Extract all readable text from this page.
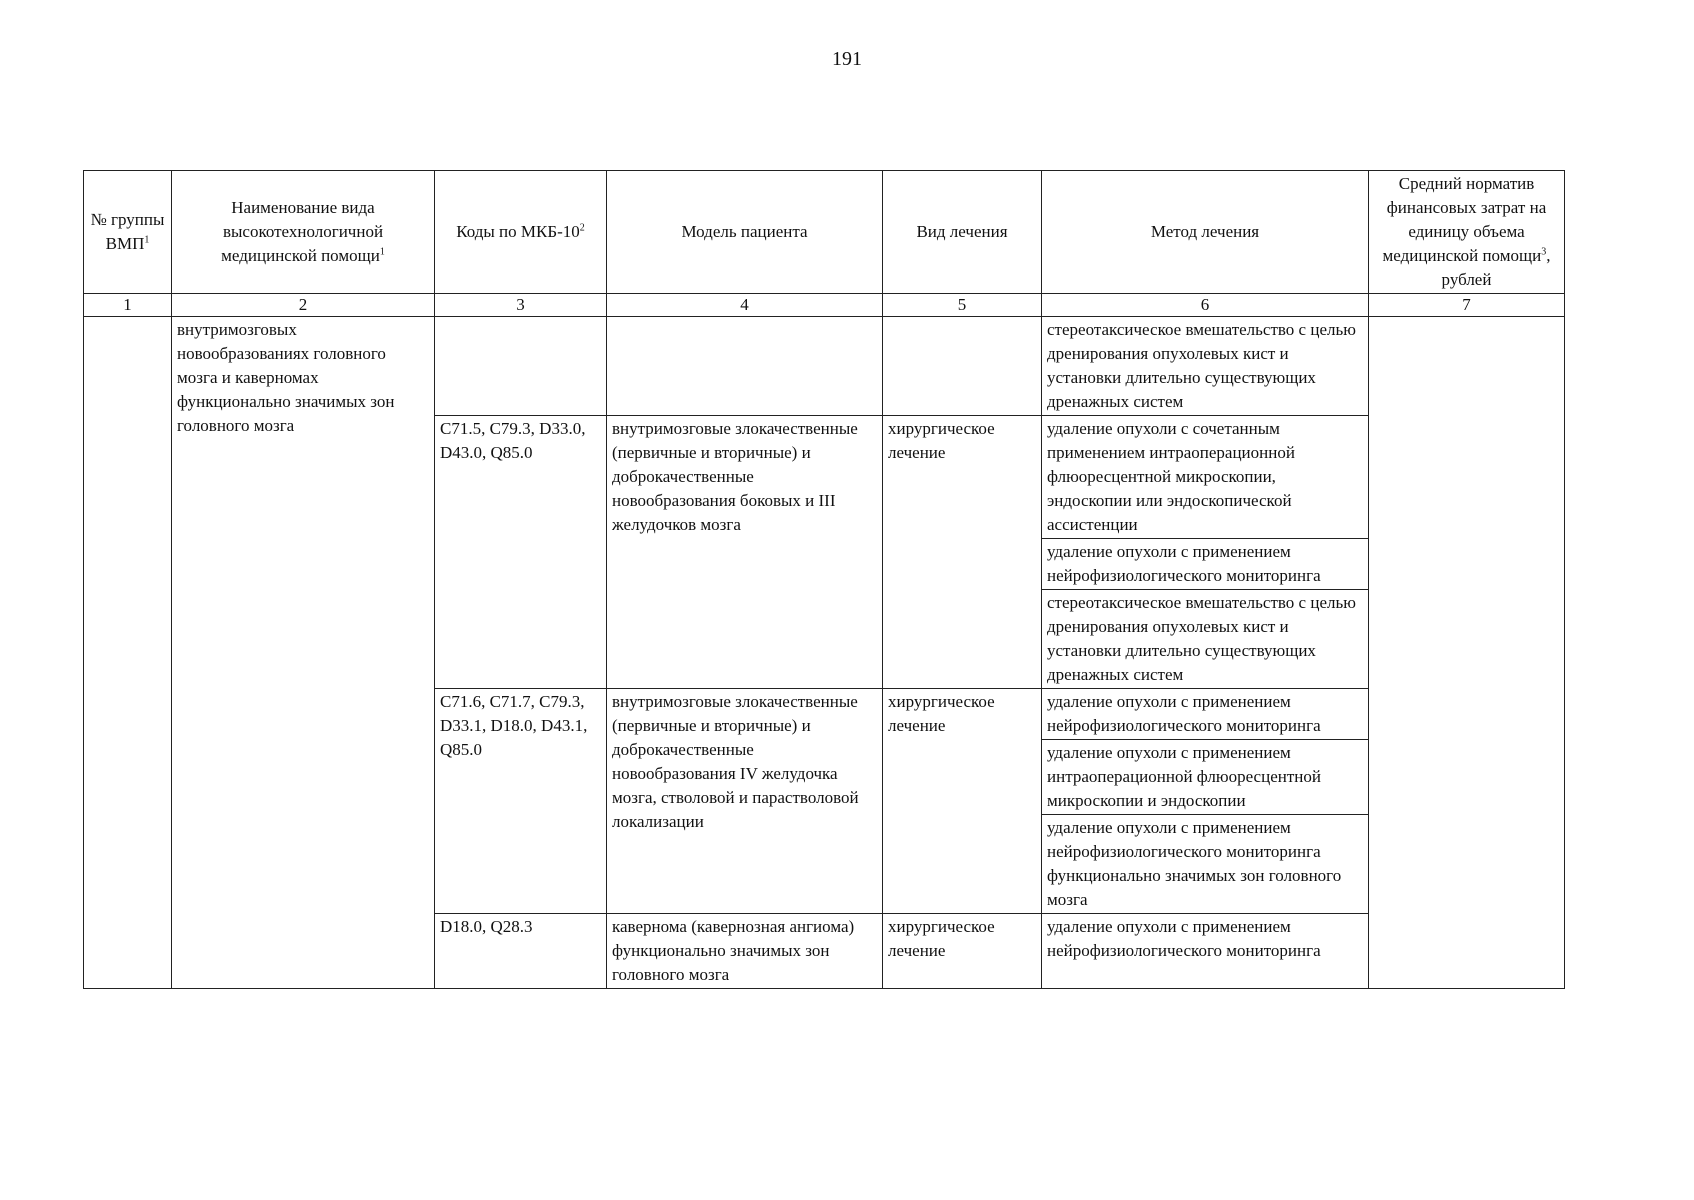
191
№ группы ВМП$^1$	Наименование вида высокотехнологичной медицинской помощи$^1$	Коды по МКБ-$10^2$	Модель пациента	Вид лечения	Метод лечения	Средний норматив финансовых затрат на единицу объема медицинской помощи$^3$, рублей
1	2	3	4	5	6	7
	внутримозговых новообразованиях головного мозга и каверномах функционально значимых зон головного мозга				стереотаксическое вмешательство с целью дренирования опухолевых кист и установки длительно существующих дренажных систем	
		C71.5, C79.3, D33.0, D43.0, Q85.0	внутримозговые злокачественные (первичные и вторичные) и доброкачественные новообразования боковых и III желудочков мозга	хирургическое лечение	удаление опухоли с сочетанным применением интраоперационной флюоресцентной микроскопии, эндоскопии или эндоскопической ассистенции	
					удаление опухоли с применением нейрофизиологического мониторинга	
					стереотаксическое вмешательство с целью дренирования опухолевых кист и установки длительно существующих дренажных систем	
		C71.6, C71.7, C79.3, D33.1, D18.0, D43.1, Q85.0	внутримозговые злокачественные (первичные и вторичные) и доброкачественные новообразования IV желудочка мозга, стволовой и парастволовой локализации	хирургическое лечение	удаление опухоли с применением нейрофизиологического мониторинга	
					удаление опухоли с применением интраоперационной флюоресцентной микроскопии и эндоскопии	
					удаление опухоли с применением нейрофизиологического мониторинга функционально значимых зон головного мозга	
		D18.0, Q28.3	кавернома (кавернозная ангиома) функционально значимых зон головного мозга	хирургическое лечение	удаление опухоли с применением нейрофизиологического мониторинга	
